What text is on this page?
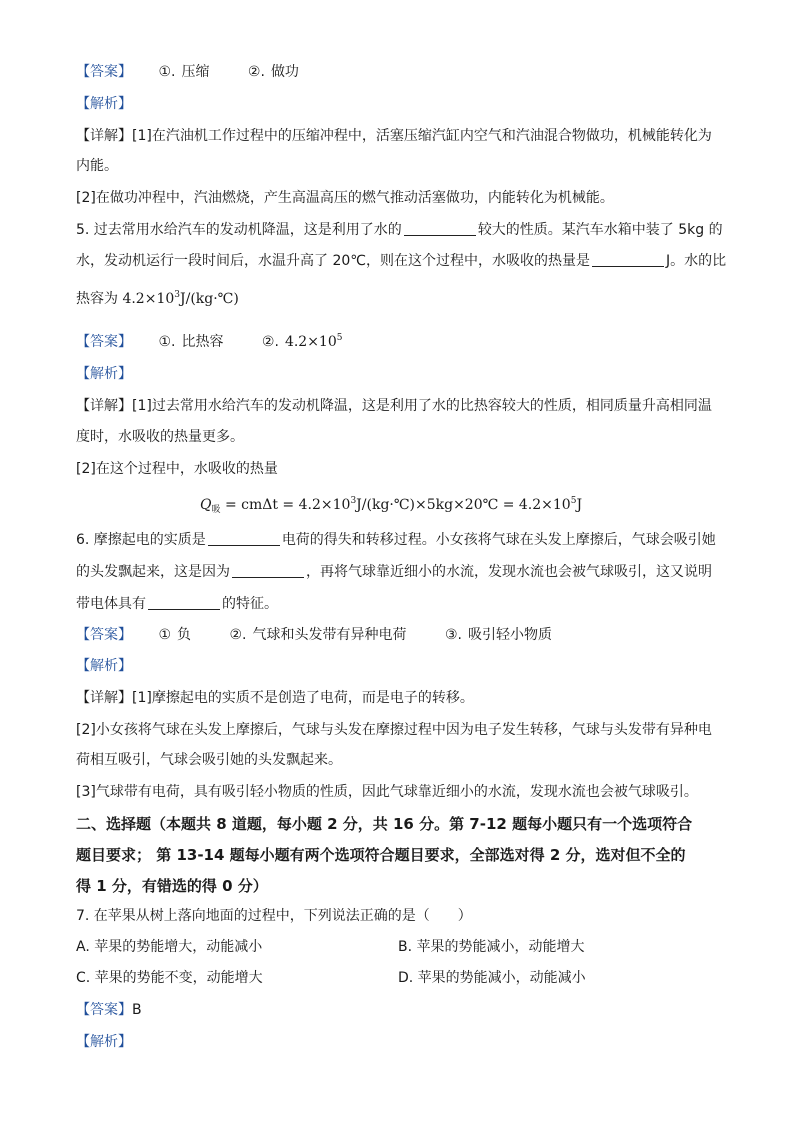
【答案】 ①. 压缩	②. 做功
【解析】
【详解】[1]在汽油机工作过程中的压缩冲程中，活塞压缩汽缸内空气和汽油混合物做功，机械能转化为
内能。
[2]在做功冲程中，汽油燃烧，产生高温高压的燃气推动活塞做功，内能转化为机械能。
5. 过去常用水给汽车的发动机降温，这是利用了水的	较大的性质。某汽车水箱中装了 5kg 的
水，发动机运行一段时间后，水温升高了 20℃，则在这个过程中，水吸收的热量是	J。水的比
热容为 $4.2\times 10^3J/(kg\cdot℃)$
【答案】 ①. 比热容	②. $4.2\times 10^5$
【解析】
【详解】[1]过去常用水给汽车的发动机降温，这是利用了水的比热容较大的性质，相同质量升高相同温
度时，水吸收的热量更多。
[2]在这个过程中，水吸收的热量
$Q_吸 = cm\Delta t$ = $4.2\times 10^3J/(kg\cdot℃)\times 5kg\times 20℃ = 4.2\times 10^5J$
6. 摩擦起电的实质是	电荷的得失和转移过程。小女孩将气球在头发上摩擦后，气球会吸引她
的头发飘起来，这是因为	，再将气球靠近细小的水流，发现水流也会被气球吸引，这又说明
带电体具有	的特征。
【答案】 ① 负	②. 气球和头发带有异种电荷	③. 吸引轻小物质
【解析】
【详解】[1]摩擦起电的实质不是创造了电荷，而是电子的转移。
[2]小女孩将气球在头发上摩擦后，气球与头发在摩擦过程中因为电子发生转移，气球与头发带有异种电
荷相互吸引，气球会吸引她的头发飘起来。
[3]气球带有电荷，具有吸引轻小物质的性质，因此气球靠近细小的水流，发现水流也会被气球吸引。
二、选择题（本题共 8 道题，每小题 2 分，共 16 分。第 7-12 题每小题只有一个选项符合
题目要求； 第 13-14 题每小题有两个选项符合题目要求，全部选对得 2 分，选对但不全的
得 1 分，有错选的得 0 分）
7. 在苹果从树上落向地面的过程中，下列说法正确的是（　　）
A. 苹果的势能增大，动能减小	B. 苹果的势能减小，动能增大
C. 苹果的势能不变，动能增大	D. 苹果的势能减小，动能减小
【答案】B
【解析】
